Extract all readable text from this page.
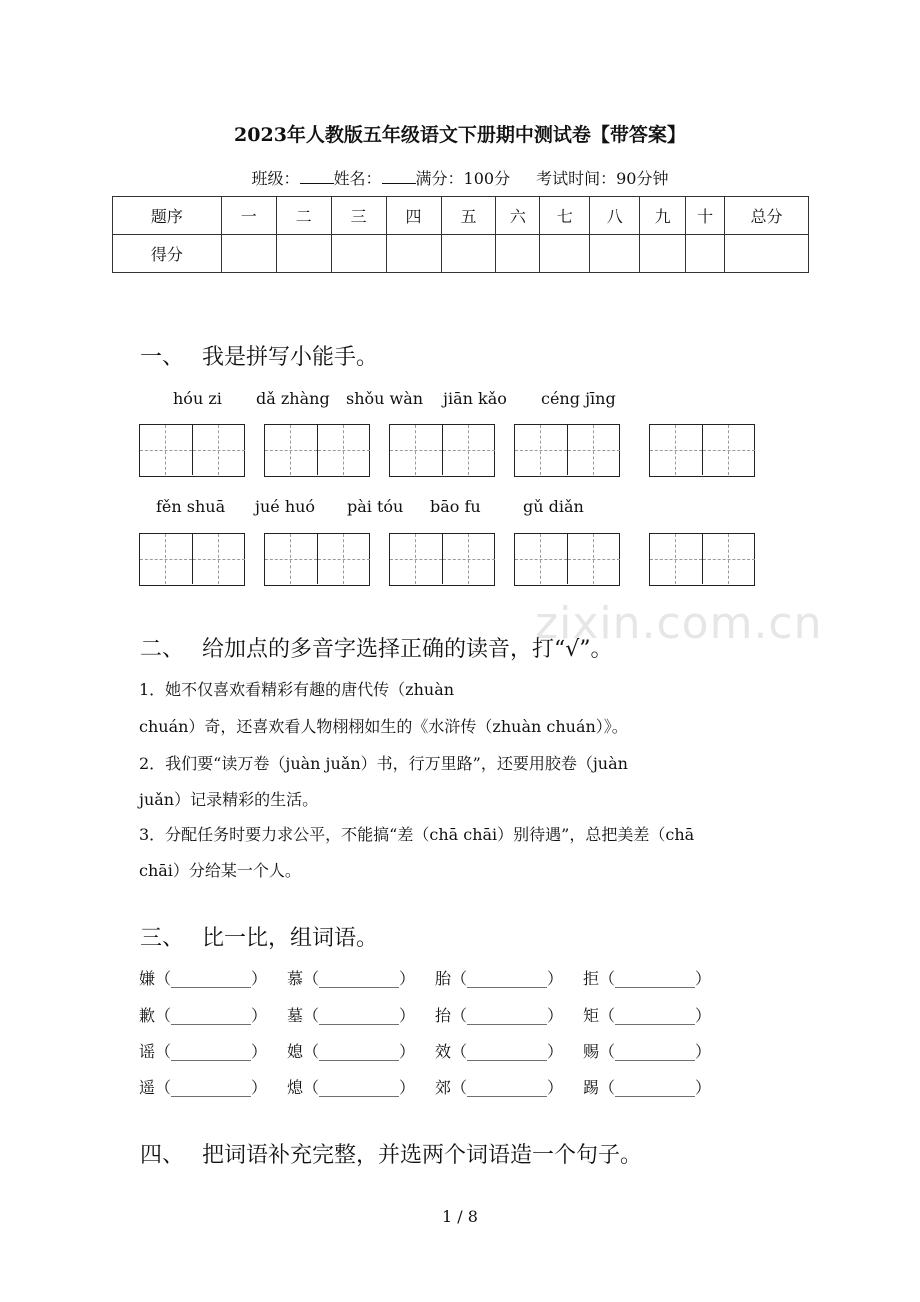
2023年人教版五年级语文下册期中测试卷【带答案】
班级： 姓名： 满分：100分 考试时间：90分钟
题序	一	二	三	四	五	六	七	八	九	十	总分
得分											
一、 我是拼写小能手。
hóu zi dǎ zhàng shǒu wàn jiān kǎo céng jīng
fěn shuā jué huó pài tóu bāo fu	gǔ diǎn
zixin.com.cn
二、 给加点的多音字选择正确的读音，打“√”。
1．她不仅喜欢看精彩有趣的唐代传（zhuàn
chuán）奇，还喜欢看人物栩栩如生的《水浒传（zhuàn chuán）》。
2．我们要“读万卷（juàn juǎn）书，行万里路”，还要用胶卷（juàn
juǎn）记录精彩的生活。
3．分配任务时要力求公平，不能搞“差（chā chāi）别待遇”，总把美差（chā
chāi）分给某一个人。
三、 比一比，组词语。
嫌（__________） 慕（__________） 胎（__________） 拒（__________）
歉（__________） 墓（__________） 抬（__________） 矩（__________）
谣（__________） 媳（__________） 效（__________） 赐（__________）
遥（__________） 熄（__________） 郊（__________） 踢（__________）
四、 把词语补充完整，并选两个词语造一个句子。
1 / 8
